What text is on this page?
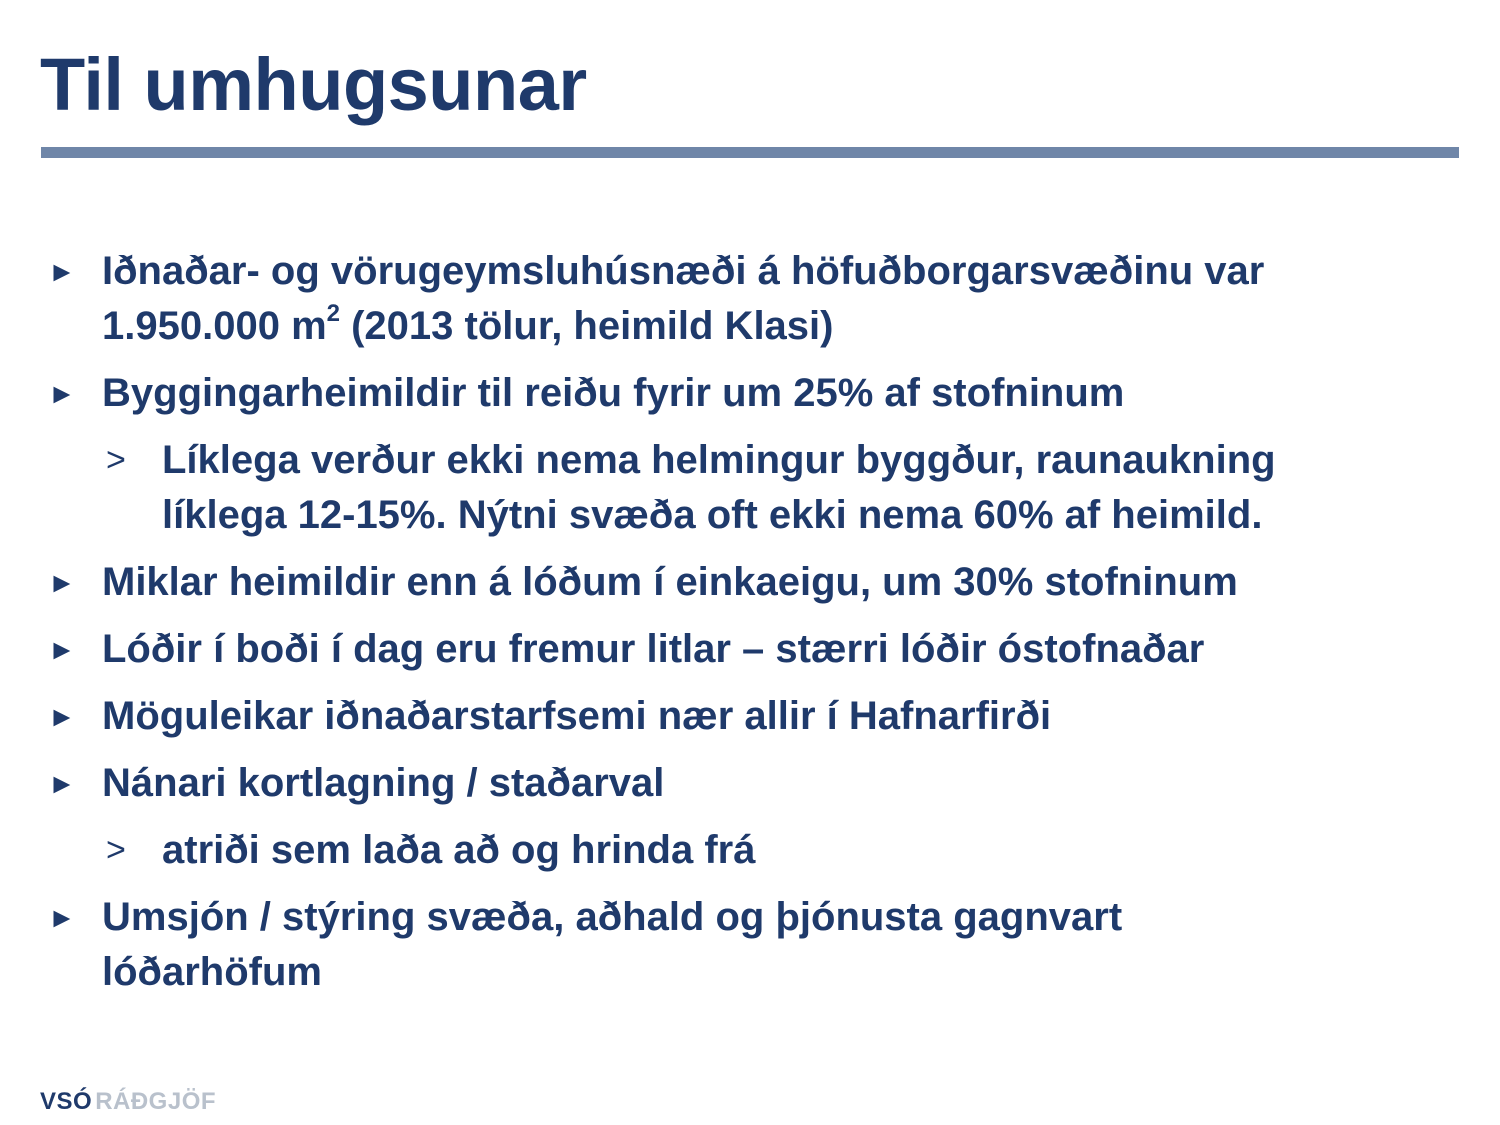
Til umhugsunar
► Iðnaðar- og vörugeymsluhúsnæði á höfuðborgarsvæðinu var
1.950.000 $m^2$ (2013 tölur, heimild Klasi)
► Byggingarheimildir til reiðu fyrir um 25% af stofninum
> Líklega verður ekki nema helmingur byggður, raunaukning
líklega 12-15%. Nýtni svæða oft ekki nema 60% af heimild.
► Miklar heimildir enn á lóðum í einkaeigu, um 30% stofninum
► Lóðir í boði í dag eru fremur litlar – stærri lóðir óstofnaðar
► Möguleikar iðnaðarstarfsemi nær allir í Hafnarfirði
► Nánari kortlagning / staðarval
> atriði sem laða að og hrinda frá
► Umsjón / stýring svæða, aðhald og þjónusta gagnvart
lóðarhöfum
VSÓ RÁÐGJÖF
